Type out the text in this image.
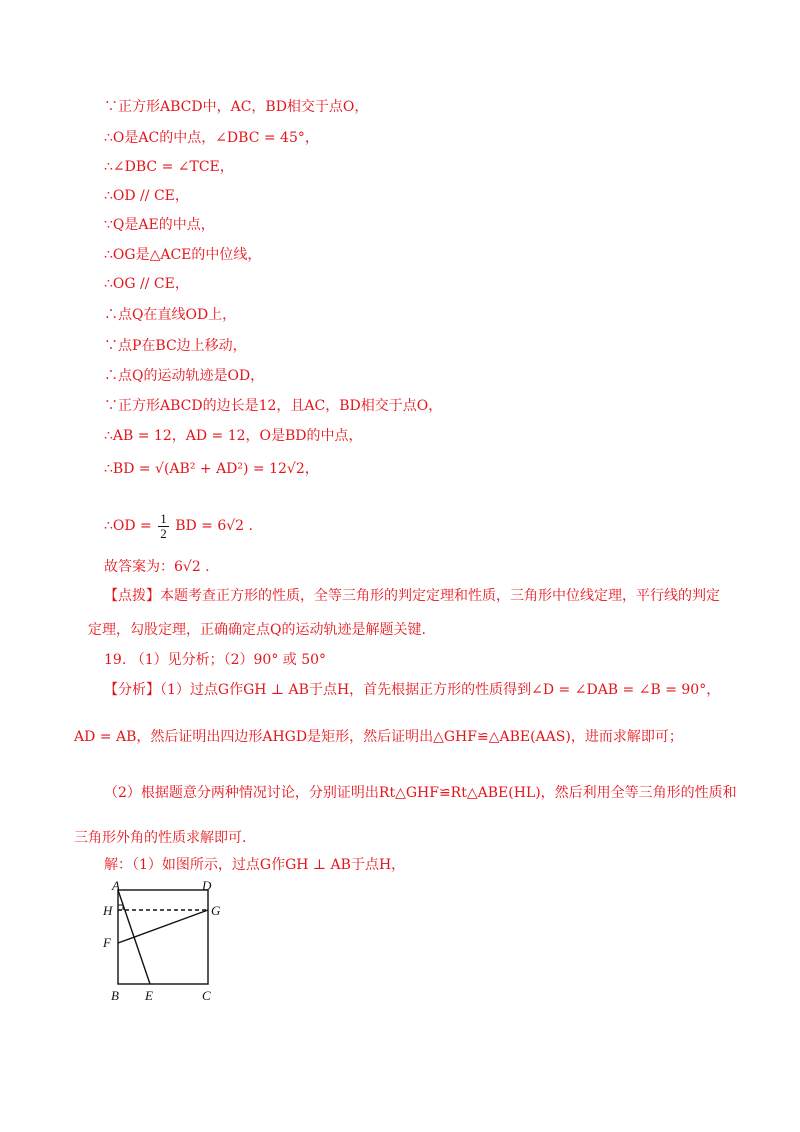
∵正方形ABCD中，AC，BD相交于点O，
∴O是AC的中点，∠DBC = 45°，
∴∠DBC = ∠TCE，
∴OD // CE，
∵Q是AE的中点，
∴OG是△ACE的中位线，
∴OG // CE，
∴点Q在直线OD上，
∵点P在BC边上移动，
∴点Q的运动轨迹是OD，
∵正方形ABCD的边长是12，且AC，BD相交于点O，
∴AB = 12，AD = 12，O是BD的中点，
∴BD = √(AB² + AD²) = 12√2，
∴OD = $\frac{1}{2}$ BD = 6√2 .
故答案为：6√2 .
【点拨】本题考查正方形的性质，全等三角形的判定定理和性质，三角形中位线定理，平行线的判定
定理，勾股定理，正确确定点Q的运动轨迹是解题关键.
19. （1）见分析；（2）90° 或 50°
【分析】（1）过点G作GH ⊥ AB于点H，首先根据正方形的性质得到∠D = ∠DAB = ∠B = 90°，
AD = AB，然后证明出四边形AHGD是矩形，然后证明出△GHF≌△ABE(AAS)，进而求解即可；
（2）根据题意分两种情况讨论，分别证明出Rt△GHF≌Rt△ABE(HL)，然后利用全等三角形的性质和
三角形外角的性质求解即可.
解：（1）如图所示，过点G作GH ⊥ AB于点H，
A	D
H	G
F
B E	C
